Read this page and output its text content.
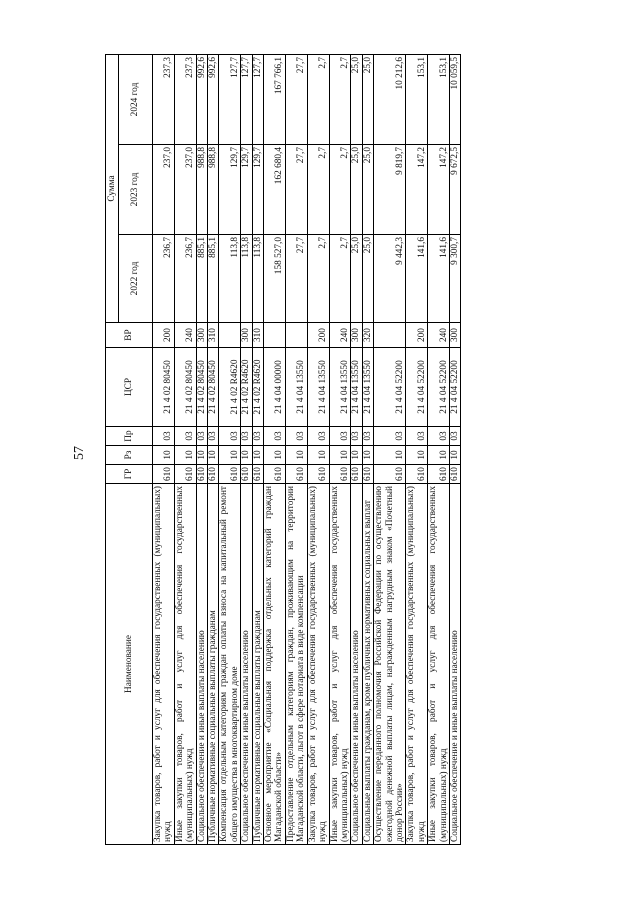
57
Наименование	ГР	Рз	Пр	ЦСР	ВР	Сумма		
						2022 год	2023 год	2024 год
Закупка товаров, работ и услуг для обеспечения государственных (муниципальных) нужд	610	10	03	21 4 02 80450	200	236,7	237,0	237,3
Иные закупки товаров, работ и услуг для обеспечения государственных (муниципальных) нужд	610	10	03	21 4 02 80450	240	236,7	237,0	237,3
Социальное обеспечение и иные выплаты населению	610	10	03	21 4 02 80450	300	885,1	988,8	992,6
Публичные нормативные социальные выплаты гражданам	610	10	03	21 4 02 80450	310	885,1	988,8	992,6
Компенсация отдельным категориям граждан оплаты взноса на капитальный ремонт общего имущества в многоквартирном доме	610	10	03	21 4 02 R4620		113,8	129,7	127,7
Социальное обеспечение и иные выплаты населению	610	10	03	21 4 02 R4620	300	113,8	129,7	127,7
Публичные нормативные социальные выплаты гражданам	610	10	03	21 4 02 R4620	310	113,8	129,7	127,7
Основное мероприятие «Социальная поддержка отдельных категорий граждан Магаданской области»	610	10	03	21 4 04 00000		158 527,0	162 680,4	167 766,1
Предоставление отдельным категориям граждан, проживающим на территории Магаданской области, льгот в сфере нотариата в виде компенсации	610	10	03	21 4 04 13550		27,7	27,7	27,7
Закупка товаров, работ и услуг для обеспечения государственных (муниципальных) нужд	610	10	03	21 4 04 13550	200	2,7	2,7	2,7
Иные закупки товаров, работ и услуг для обеспечения государственных (муниципальных) нужд	610	10	03	21 4 04 13550	240	2,7	2,7	2,7
Социальное обеспечение и иные выплаты населению	610	10	03	21 4 04 13550	300	25,0	25,0	25,0
Социальные выплаты гражданам, кроме публичных нормативных социальных выплат	610	10	03	21 4 04 13550	320	25,0	25,0	25,0
Осуществление переданного полномочия Российской Федерации по осуществлению ежегодной денежной выплаты лицам, награжденным нагрудным знаком «Почетный донор России»	610	10	03	21 4 04 52200		9 442,3	9 819,7	10 212,6
Закупка товаров, работ и услуг для обеспечения государственных (муниципальных) нужд	610	10	03	21 4 04 52200	200	141,6	147,2	153,1
Иные закупки товаров, работ и услуг для обеспечения государственных (муниципальных) нужд	610	10	03	21 4 04 52200	240	141,6	147,2	153,1
Социальное обеспечение и иные выплаты населению	610	10	03	21 4 04 52200	300	9 300,7	9 672,5	10 059,5
